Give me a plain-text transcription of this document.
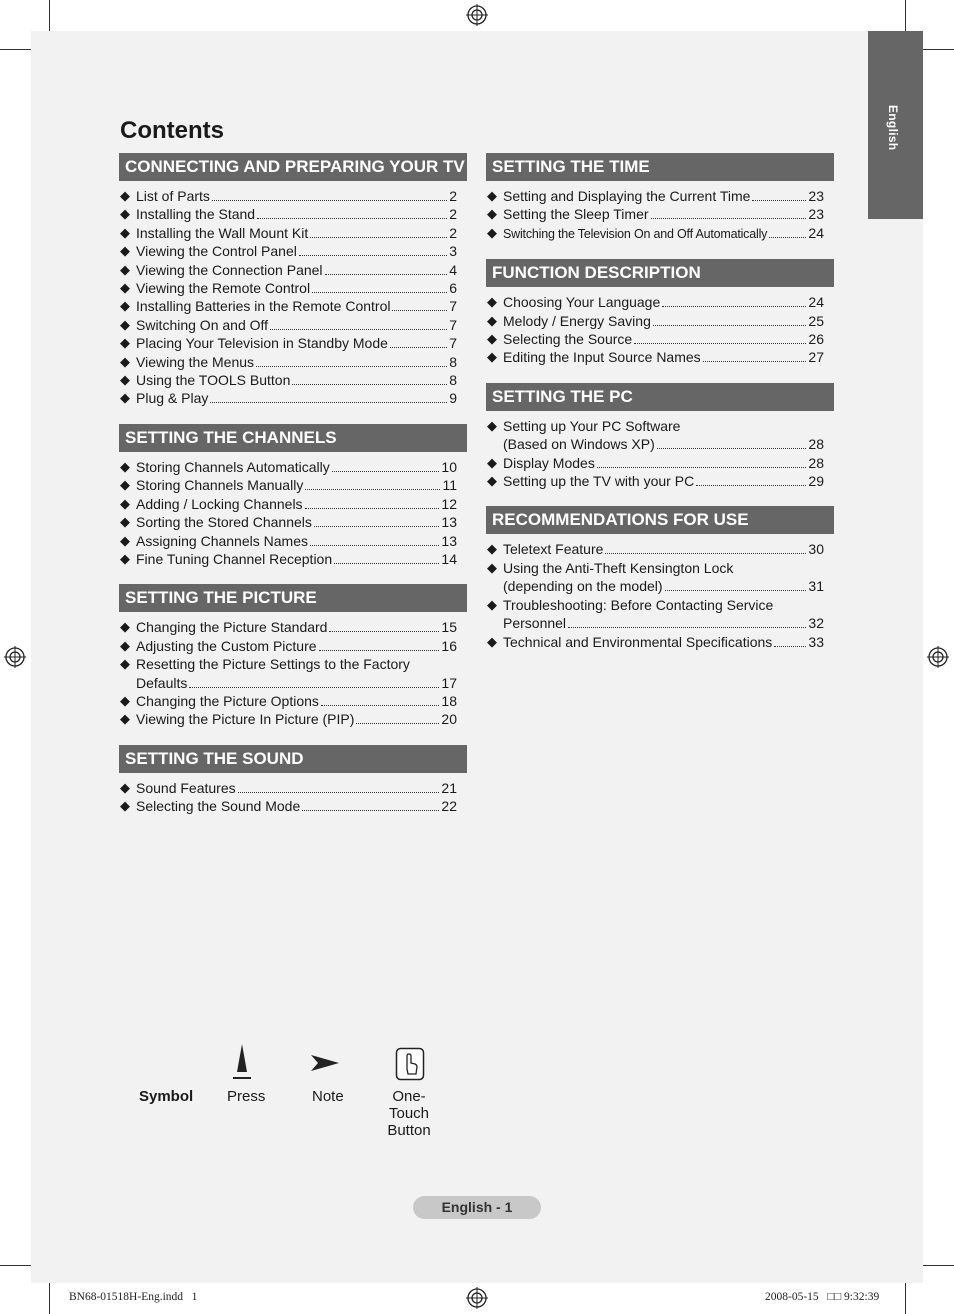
English
Contents
CONNECTING AND PREPARING YOUR TV
◆ List of Parts	2
◆ Installing the Stand	2
◆ Installing the Wall Mount Kit	2
◆ Viewing the Control Panel	3
◆ Viewing the Connection Panel	4
◆ Viewing the Remote Control	6
◆ Installing Batteries in the Remote Control	7
◆ Switching On and Off	7
◆ Placing Your Television in Standby Mode	7
◆ Viewing the Menus	8
◆ Using the TOOLS Button	8
◆ Plug & Play	9
SETTING THE CHANNELS
◆ Storing Channels Automatically	10
◆ Storing Channels Manually	11
◆ Adding / Locking Channels	12
◆ Sorting the Stored Channels	13
◆ Assigning Channels Names	13
◆ Fine Tuning Channel Reception	14
SETTING THE PICTURE
◆ Changing the Picture Standard	15
◆ Adjusting the Custom Picture	16
◆ Resetting the Picture Settings to the Factory
Defaults	17
◆ Changing the Picture Options	18
◆ Viewing the Picture In Picture (PIP)	20
SETTING THE SOUND
◆ Sound Features	21
◆ Selecting the Sound Mode	22
SETTING THE TIME
◆ Setting and Displaying the Current Time	23
◆ Setting the Sleep Timer	23
◆ Switching the Television On and Off Automatically	24
FUNCTION DESCRIPTION
◆ Choosing Your Language	24
◆ Melody / Energy Saving	25
◆ Selecting the Source	26
◆ Editing the Input Source Names	27
SETTING THE PC
◆ Setting up Your PC Software
(Based on Windows XP)	28
◆ Display Modes	28
◆ Setting up the TV with your PC	29
RECOMMENDATIONS FOR USE
◆ Teletext Feature	30
◆ Using the Anti-Theft Kensington Lock
(depending on the model)	31
◆ Troubleshooting: Before Contacting Service
Personnel	32
◆ Technical and Environmental Specifications	33
Symbol Press	Note	One-Touch
Button
English - 1
BN68-01518H-Eng.indd   1	2008-05-15   □□ 9:32:39
